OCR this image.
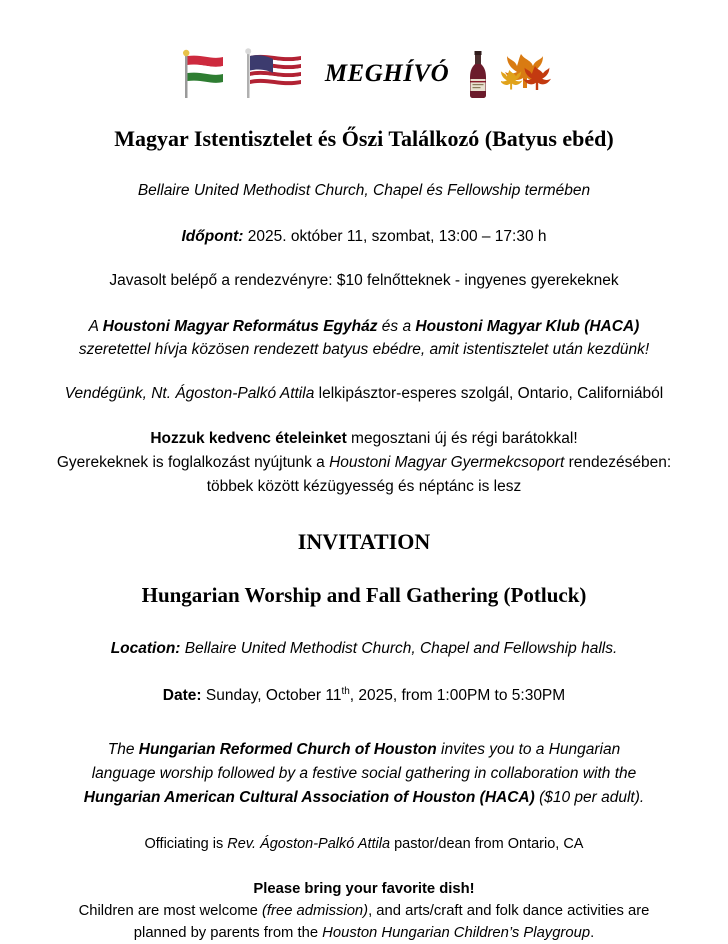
MEGHÍVÓ
Magyar Istentisztelet és Őszi Találkozó (Batyus ebéd)

Bellaire United Methodist Church, Chapel és Fellowship termében

Időpont: 2025. október 11, szombat, 13:00 – 17:30 h

Javasolt belépő a rendezvényre: $10 felnőtteknek - ingyenes gyerekeknek

A Houstoni Magyar Református Egyház és a Houstoni Magyar Klub (HACA)
szeretettel hívja közösen rendezett batyus ebédre, amit istentisztelet után kezdünk!

Vendégünk, Nt. Ágoston-Palkó Attila lelkipásztor-esperes szolgál, Ontario, Californiából

Hozzuk kedvenc ételeinket megosztani új és régi barátokkal!
Gyerekeknek is foglalkozást nyújtunk a Houstoni Magyar Gyermekcsoport rendezésében:
többek között kézügyesség és néptánc is lesz

INVITATION
Hungarian Worship and Fall Gathering (Potluck)

Location: Bellaire United Methodist Church, Chapel and Fellowship halls.

Date: Sunday, October 11th, 2025, from 1:00PM to 5:30PM

The Hungarian Reformed Church of Houston invites you to a Hungarian
language worship followed by a festive social gathering in collaboration with the
Hungarian American Cultural Association of Houston (HACA) ($10 per adult).

Officiating is Rev. Ágoston-Palkó Attila pastor/dean from Ontario, CA

Please bring your favorite dish!
Children are most welcome (free admission), and arts/craft and folk dance activities are
planned by parents from the Houston Hungarian Children’s Playgroup.
